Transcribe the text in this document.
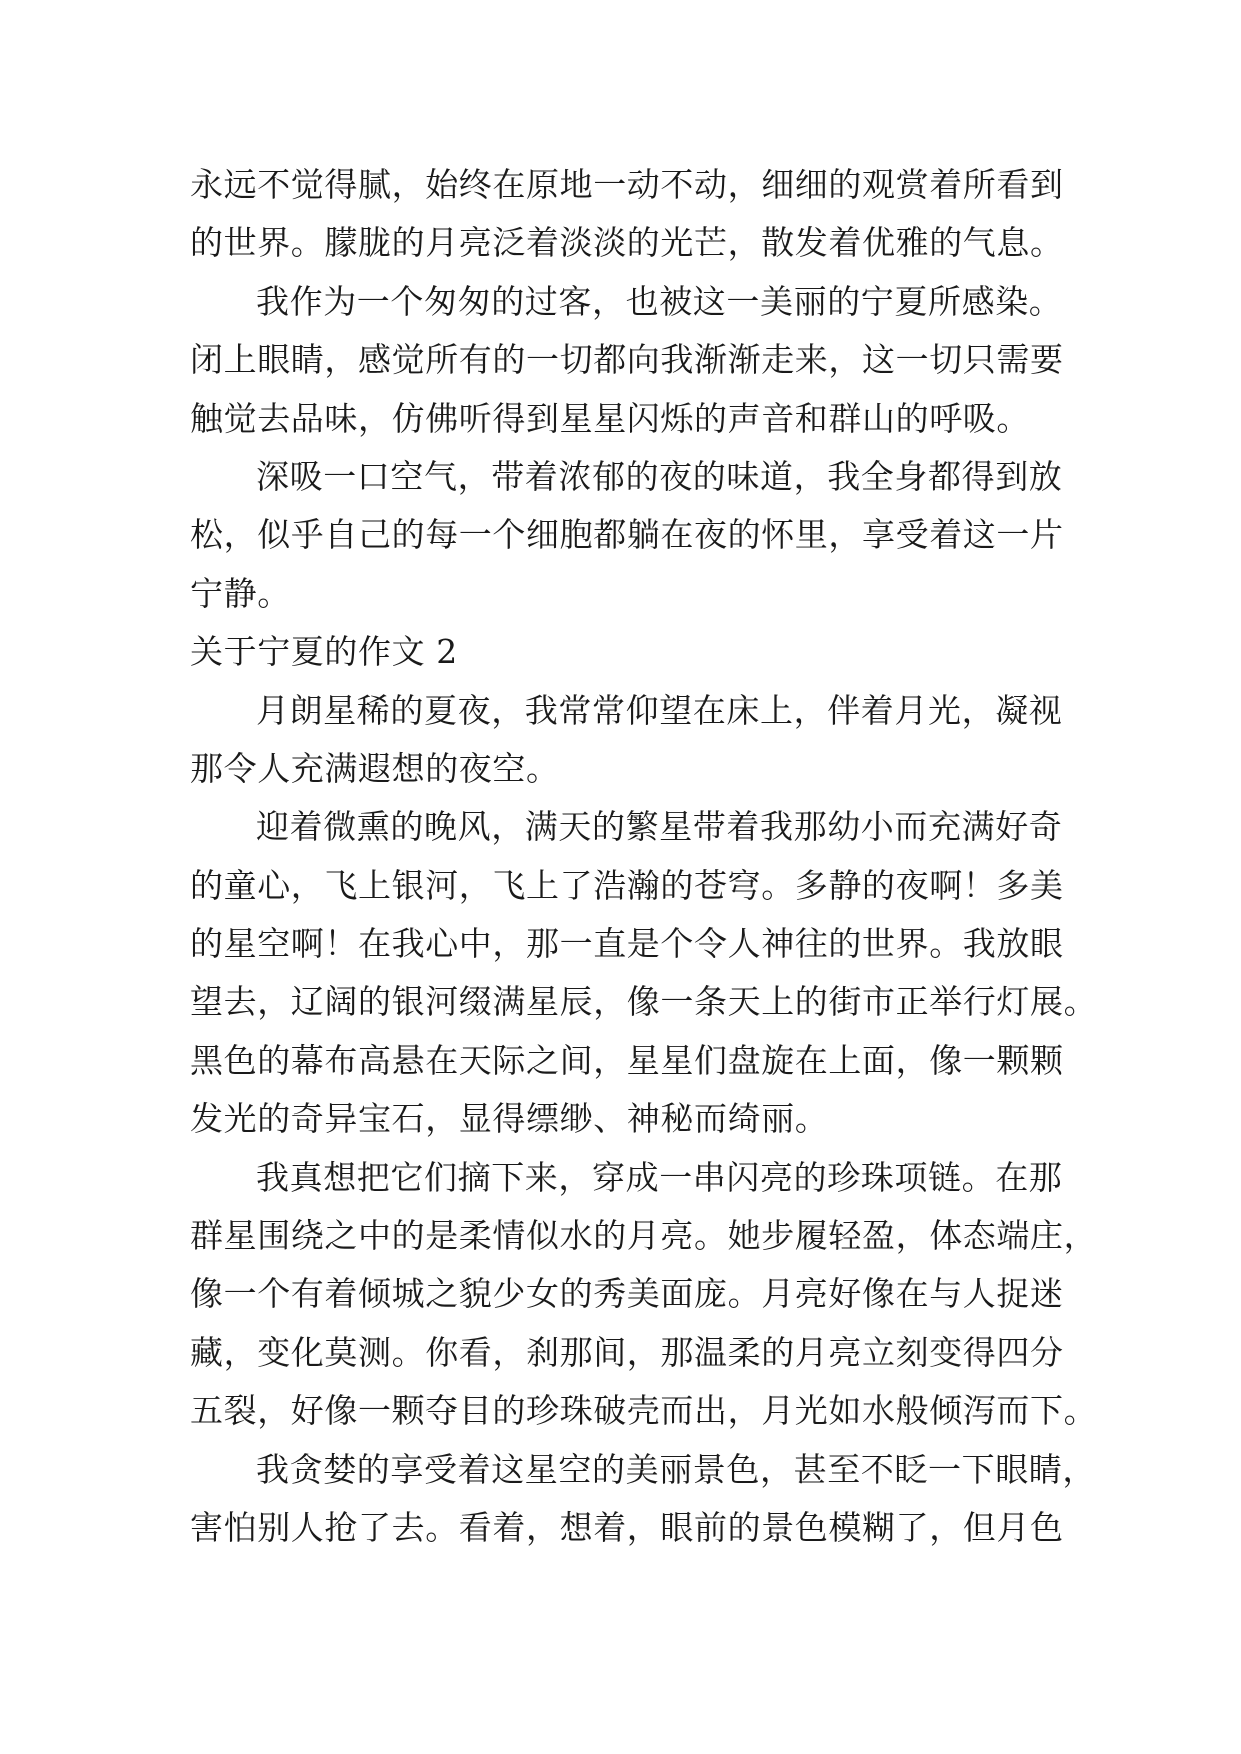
永远不觉得腻，始终在原地一动不动，细细的观赏着所看到
的世界。朦胧的月亮泛着淡淡的光芒，散发着优雅的气息。
我作为一个匆匆的过客，也被这一美丽的宁夏所感染。
闭上眼睛，感觉所有的一切都向我渐渐走来，这一切只需要
触觉去品味，仿佛听得到星星闪烁的声音和群山的呼吸。
深吸一口空气，带着浓郁的夜的味道，我全身都得到放
松，似乎自己的每一个细胞都躺在夜的怀里，享受着这一片
宁静。
关于宁夏的作文 2
月朗星稀的夏夜，我常常仰望在床上，伴着月光，凝视
那令人充满遐想的夜空。
迎着微熏的晚风，满天的繁星带着我那幼小而充满好奇
的童心，飞上银河，飞上了浩瀚的苍穹。多静的夜啊！多美
的星空啊！在我心中，那一直是个令人神往的世界。我放眼
望去，辽阔的银河缀满星辰，像一条天上的街市正举行灯展。
黑色的幕布高悬在天际之间，星星们盘旋在上面，像一颗颗
发光的奇异宝石，显得缥缈、神秘而绮丽。
我真想把它们摘下来，穿成一串闪亮的珍珠项链。在那
群星围绕之中的是柔情似水的月亮。她步履轻盈，体态端庄，
像一个有着倾城之貌少女的秀美面庞。月亮好像在与人捉迷
藏，变化莫测。你看，刹那间，那温柔的月亮立刻变得四分
五裂，好像一颗夺目的珍珠破壳而出，月光如水般倾泻而下。
我贪婪的享受着这星空的美丽景色，甚至不眨一下眼睛，
害怕别人抢了去。看着，想着，眼前的景色模糊了，但月色
